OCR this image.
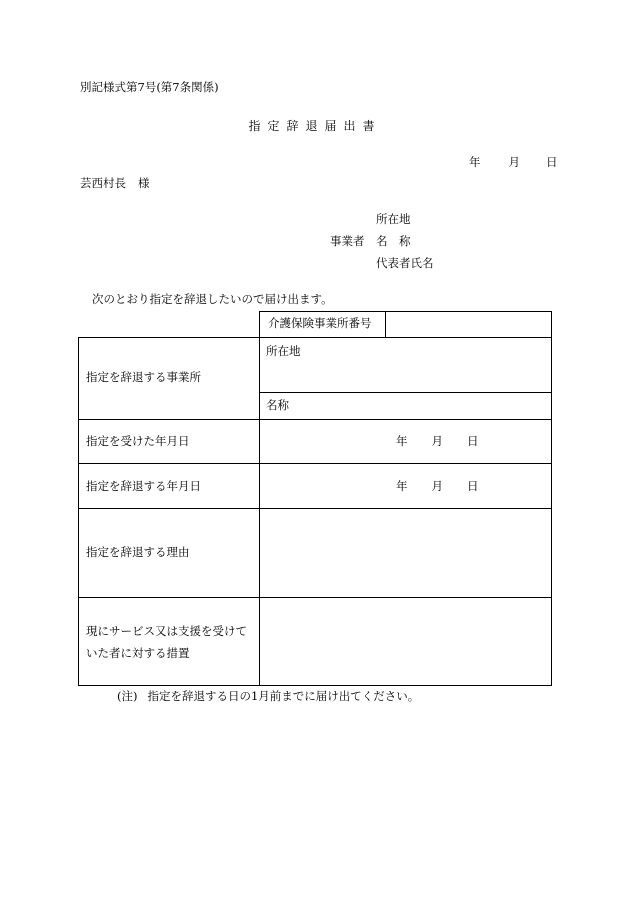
別記様式第7号(第7条関係)
指定辞退届出書
年 月 日
芸西村長 様
所在地
事業者 名　称
代表者氏名
次のとおり指定を辞退したいので届け出ます。
介護保険事業所番号
指定を辞退する事業所
所在地
名称
指定を受けた年月日	年 月 日
指定を辞退する年月日	年 月 日
指定を辞退する理由
現にサービス又は支援を受けていた者に対する措置
(注) 指定を辞退する日の1月前までに届け出てください。
